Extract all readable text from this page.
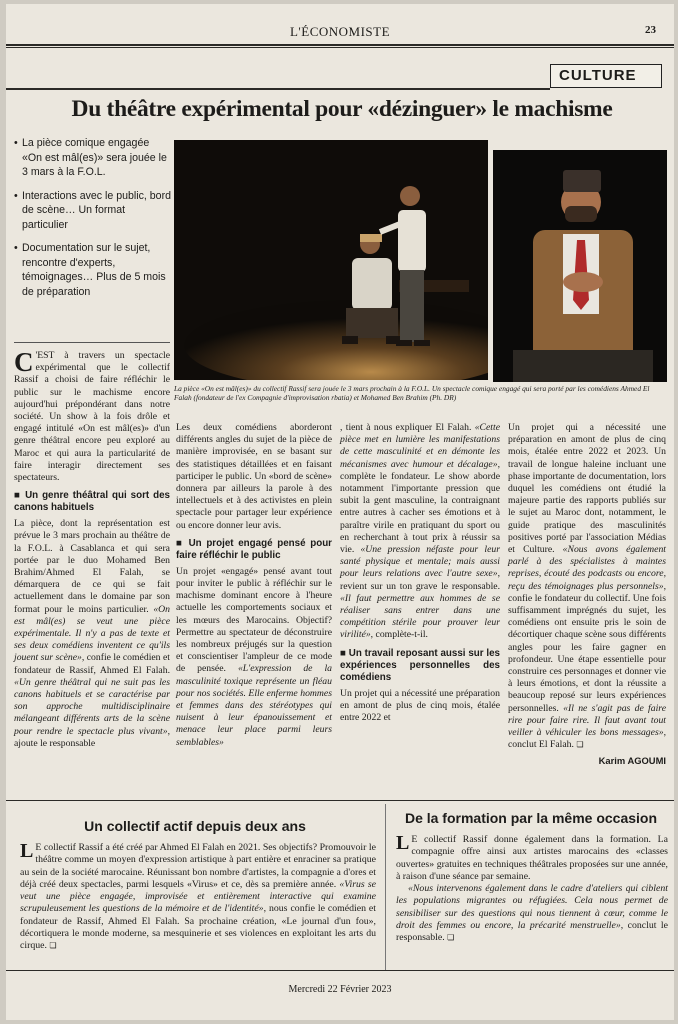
L'ÉCONOMISTE	23
CULTURE
Du théâtre expérimental pour «dézinguer» le machisme
• La pièce comique engagée «On est mâl(es)» sera jouée le 3 mars à la F.O.L.
• Interactions avec le public, bord de scène… Un format particulier
• Documentation sur le sujet, rencontre d'experts, témoignages… Plus de 5 mois de préparation
La pièce «On est mâl(es)» du collectif Rassif sera jouée le 3 mars prochain à la F.O.L. Un spectacle comique engagé qui sera porté par les comédiens Ahmed El Falah (fondateur de l'ex Compagnie d'improvisation rbatia) et Mohamed Ben Brahim (Ph. DR)

C 'EST à travers un spectacle expérimental que le collectif Rassif a choisi de faire réfléchir le public sur le machisme encore aujourd'hui prépondérant dans notre société. Un show à la fois drôle et engagé intitulé «On est mâl(es)» d'un genre théâtral encore peu exploré au Maroc et qui aura la particularité de faire interagir directement ses spectateurs.

■ Un genre théâtral qui sort des canons habituels

La pièce, dont la représentation est prévue le 3 mars prochain au théâtre de la F.O.L. à Casablanca et qui sera portée par le duo Mohamed Ben Brahim/Ahmed El Falah, se démarquera de ce qui se fait actuellement dans le domaine par son format pour le moins particulier. «On est mâl(es) se veut une pièce expérimentale. Il n'y a pas de texte et ses deux comédiens inventent ce qu'ils jouent sur scène», confie le comédien et fondateur de Rassif, Ahmed El Falah. «Un genre théâtral qui ne suit pas les canons habituels et se caractérise par son approche multidisciplinaire mélangeant différents arts de la scène pour rendre le spectacle plus vivant», ajoute le responsable

Les deux comédiens aborderont différents angles du sujet de la pièce de manière improvisée, en se basant sur des statistiques détaillées et en faisant participer le public. Un «bord de scène» donnera par ailleurs la parole à des intellectuels et à des activistes en plein spectacle pour partager leur expérience ou encore donner leur avis.

■ Un projet engagé pensé pour faire réfléchir le public

Un projet «engagé» pensé avant tout pour inviter le public à réfléchir sur le machisme dominant encore à l'heure actuelle les comportements sociaux et les mœurs des Marocains. Objectif? Permettre au spectateur de déconstruire les nombreux préjugés sur la question et conscientiser l'ampleur de ce mode de pensée. «L'expression de la masculinité toxique représente un fléau pour nos sociétés. Elle enferme hommes et femmes dans des stéréotypes qui nuisent à leur épanouissement et menace leur place parmi leurs semblables»

, tient à nous expliquer El Falah. «Cette pièce met en lumière les manifestations de cette masculinité et en démonte les mécanismes avec humour et décalage», complète le fondateur. Le show aborde notamment l'importante pression que subit la gent masculine, la contraignant entre autres à cacher ses émotions et à paraître virile en pratiquant du sport ou en recherchant à tout prix à réussir sa vie. «Une pression néfaste pour leur santé physique et mentale; mais aussi pour leurs relations avec l'autre sexe», revient sur un ton grave le responsable. «Il faut permettre aux hommes de se réaliser sans entrer dans une compétition stérile pour prouver leur virilité», complète-t-il.

■ Un travail reposant aussi sur les expériences personnelles des comédiens

Un projet qui a nécessité une préparation en amont de plus de cinq mois, étalée entre 2022 et

Un projet qui a nécessité une préparation en amont de plus de cinq mois, étalée entre 2022 et 2023. Un travail de longue haleine incluant une phase importante de documentation, lors duquel les comédiens ont étudié la majeure partie des rapports publiés sur le sujet au Maroc dont, notamment, le guide pratique des masculinités positives porté par l'association Médias et Culture. «Nous avons également parlé à des spécialistes à maintes reprises, écouté des podcasts ou encore, reçu des témoignages plus personnels», confie le fondateur du collectif. Une fois suffisamment imprégnés du sujet, les comédiens ont ensuite pris le soin de décortiquer chaque scène sous différents angles pour les faire gagner en profondeur. Une étape essentielle pour construire ces personnages et donner vie à leurs émotions, et dont la réussite a beaucoup reposé sur leurs expériences personnelles. «Il ne s'agit pas de faire rire pour faire rire. Il faut avant tout veiller à véhiculer les bons messages», conclut El Falah. ❏

Karim AGOUMI
Un collectif actif depuis deux ans
L E collectif Rassif a été créé par Ahmed El Falah en 2021. Ses objectifs? Promouvoir le théâtre comme un moyen d'expression artistique à part entière et enraciner sa pratique au sein de la société marocaine. Réunissant bon nombre d'artistes, la compagnie a d'ores et déjà créé deux spectacles, parmi lesquels «Virus» et ce, dès sa première année. «Virus se veut une pièce engagée, improvisée et entièrement interactive qui examine scrupuleusement les questions de la mémoire et de l'identité», nous confie le comédien et fondateur de Rassif, Ahmed El Falah. Sa prochaine création, «Le journal d'un fou», décortiquera le monde moderne, sa mesquinerie et ses violences en exploitant les arts du cirque. ❏
De la formation par la même occasion

L E collectif Rassif donne également dans la formation. La compagnie offre ainsi aux artistes marocains des «classes ouvertes» gratuites en techniques théâtrales proposées sur une année, à raison d'une séance par semaine.

«Nous intervenons également dans le cadre d'ateliers qui ciblent les populations migrantes ou réfugiées. Cela nous permet de sensibiliser sur des questions qui nous tiennent à cœur, comme le droit des femmes ou encore, la précarité menstruelle», conclut le responsable. ❏

Mercredi 22 Février 2023
